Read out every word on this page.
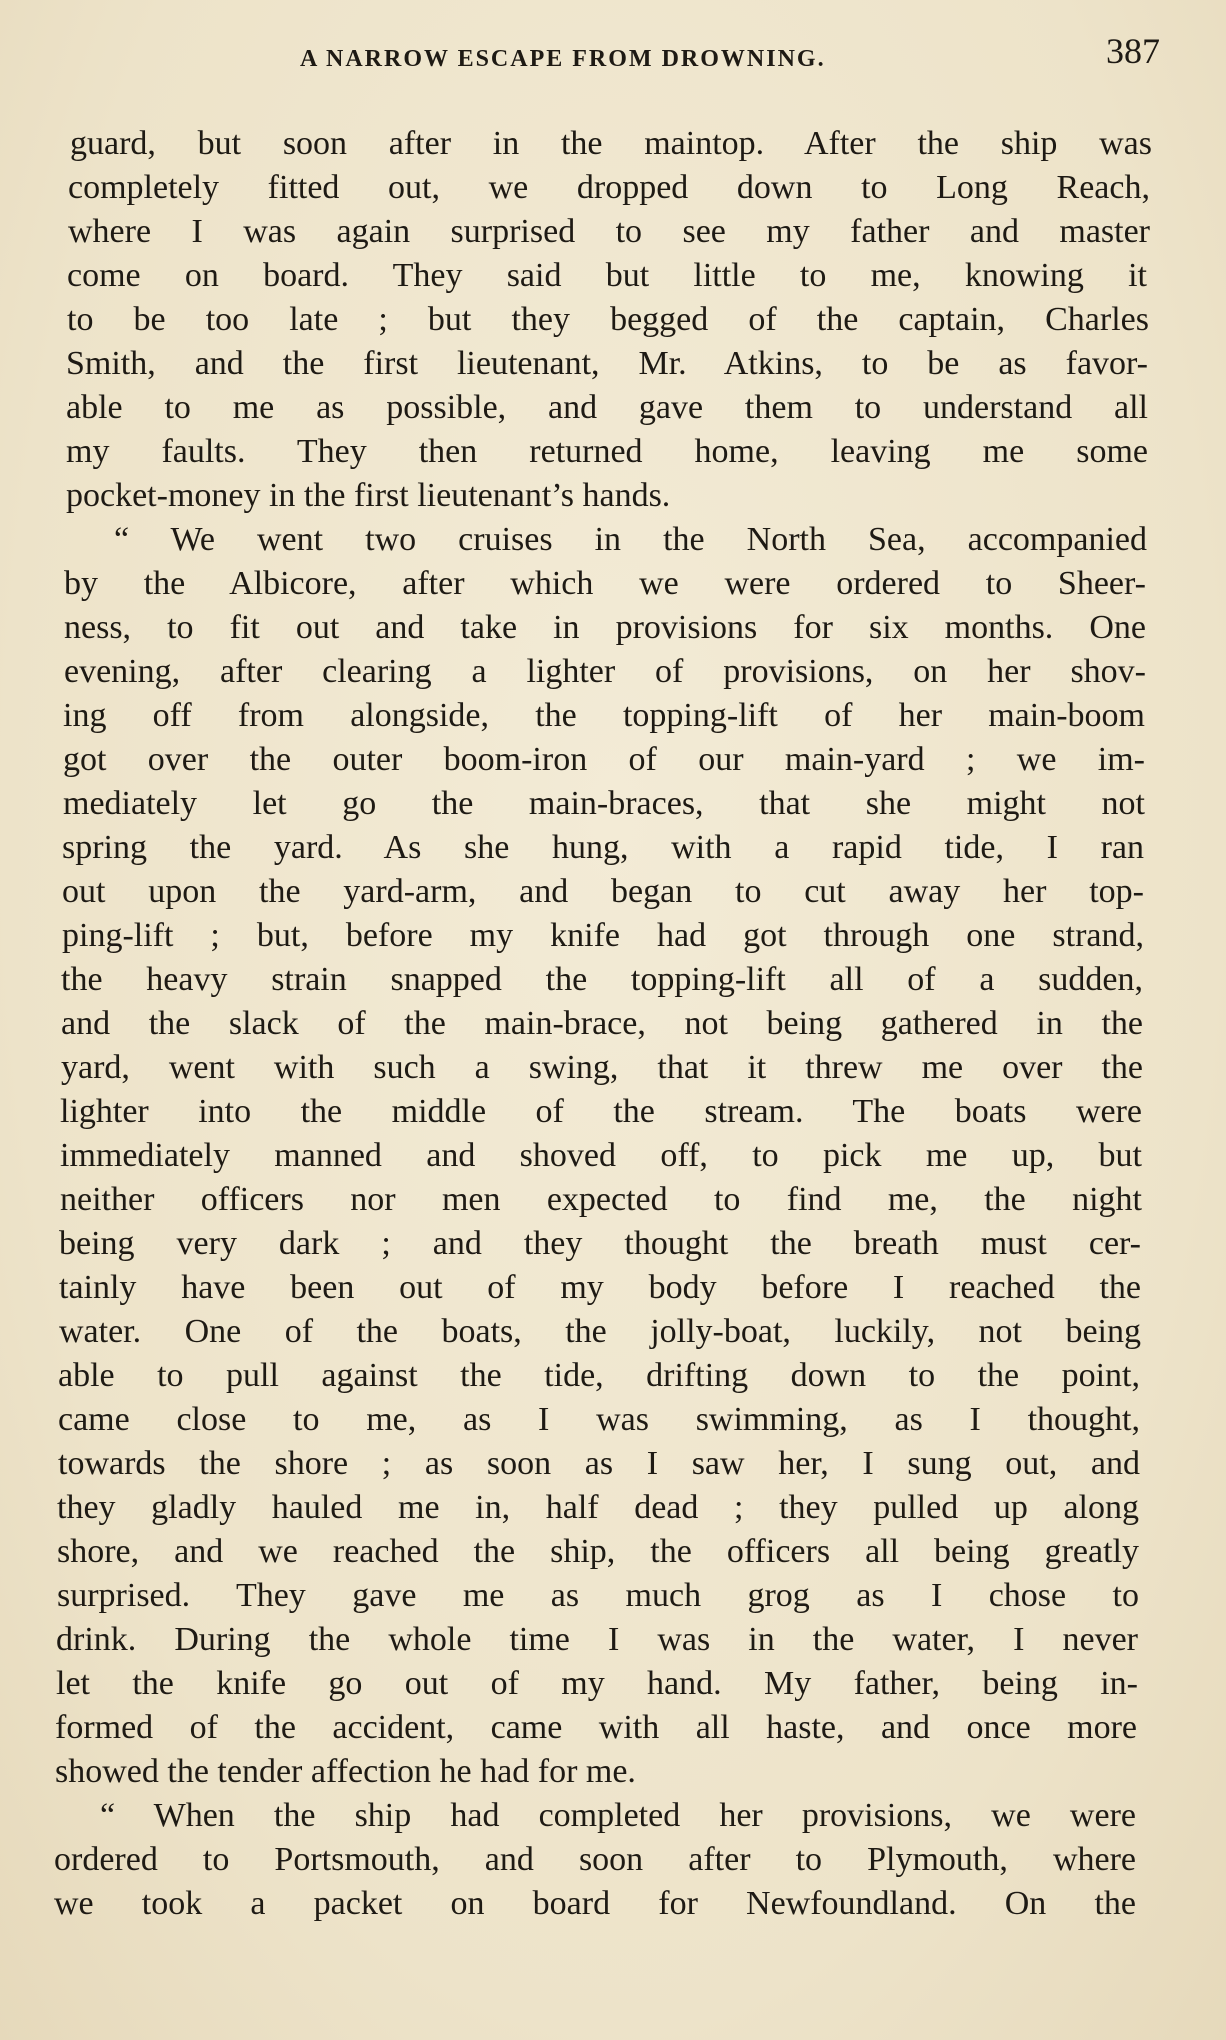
A NARROW ESCAPE FROM DROWNING.	387
guard, but soon after in the maintop. After the ship was
completely fitted out, we dropped down to Long Reach,
where I was again surprised to see my father and master
come on board. They said but little to me, knowing it
to be too late ; but they begged of the captain, Charles
Smith, and the first lieutenant, Mr. Atkins, to be as favor-
able to me as possible, and gave them to understand all
my faults. They then returned home, leaving me some
pocket-money in the first lieutenant’s hands.
“ We went two cruises in the North Sea, accompanied
by the Albicore, after which we were ordered to Sheer-
ness, to fit out and take in provisions for six months. One
evening, after clearing a lighter of provisions, on her shov-
ing off from alongside, the topping-lift of her main-boom
got over the outer boom-iron of our main-yard ; we im-
mediately let go the main-braces, that she might not
spring the yard. As she hung, with a rapid tide, I ran
out upon the yard-arm, and began to cut away her top-
ping-lift ; but, before my knife had got through one strand,
the heavy strain snapped the topping-lift all of a sudden,
and the slack of the main-brace, not being gathered in the
yard, went with such a swing, that it threw me over the
lighter into the middle of the stream. The boats were
immediately manned and shoved off, to pick me up, but
neither officers nor men expected to find me, the night
being very dark ; and they thought the breath must cer-
tainly have been out of my body before I reached the
water. One of the boats, the jolly-boat, luckily, not being
able to pull against the tide, drifting down to the point,
came close to me, as I was swimming, as I thought,
towards the shore ; as soon as I saw her, I sung out, and
they gladly hauled me in, half dead ; they pulled up along
shore, and we reached the ship, the officers all being greatly
surprised. They gave me as much grog as I chose to
drink. During the whole time I was in the water, I never
let the knife go out of my hand. My father, being in-
formed of the accident, came with all haste, and once more
showed the tender affection he had for me.
“ When the ship had completed her provisions, we were
ordered to Portsmouth, and soon after to Plymouth, where
we took a packet on board for Newfoundland. On the
